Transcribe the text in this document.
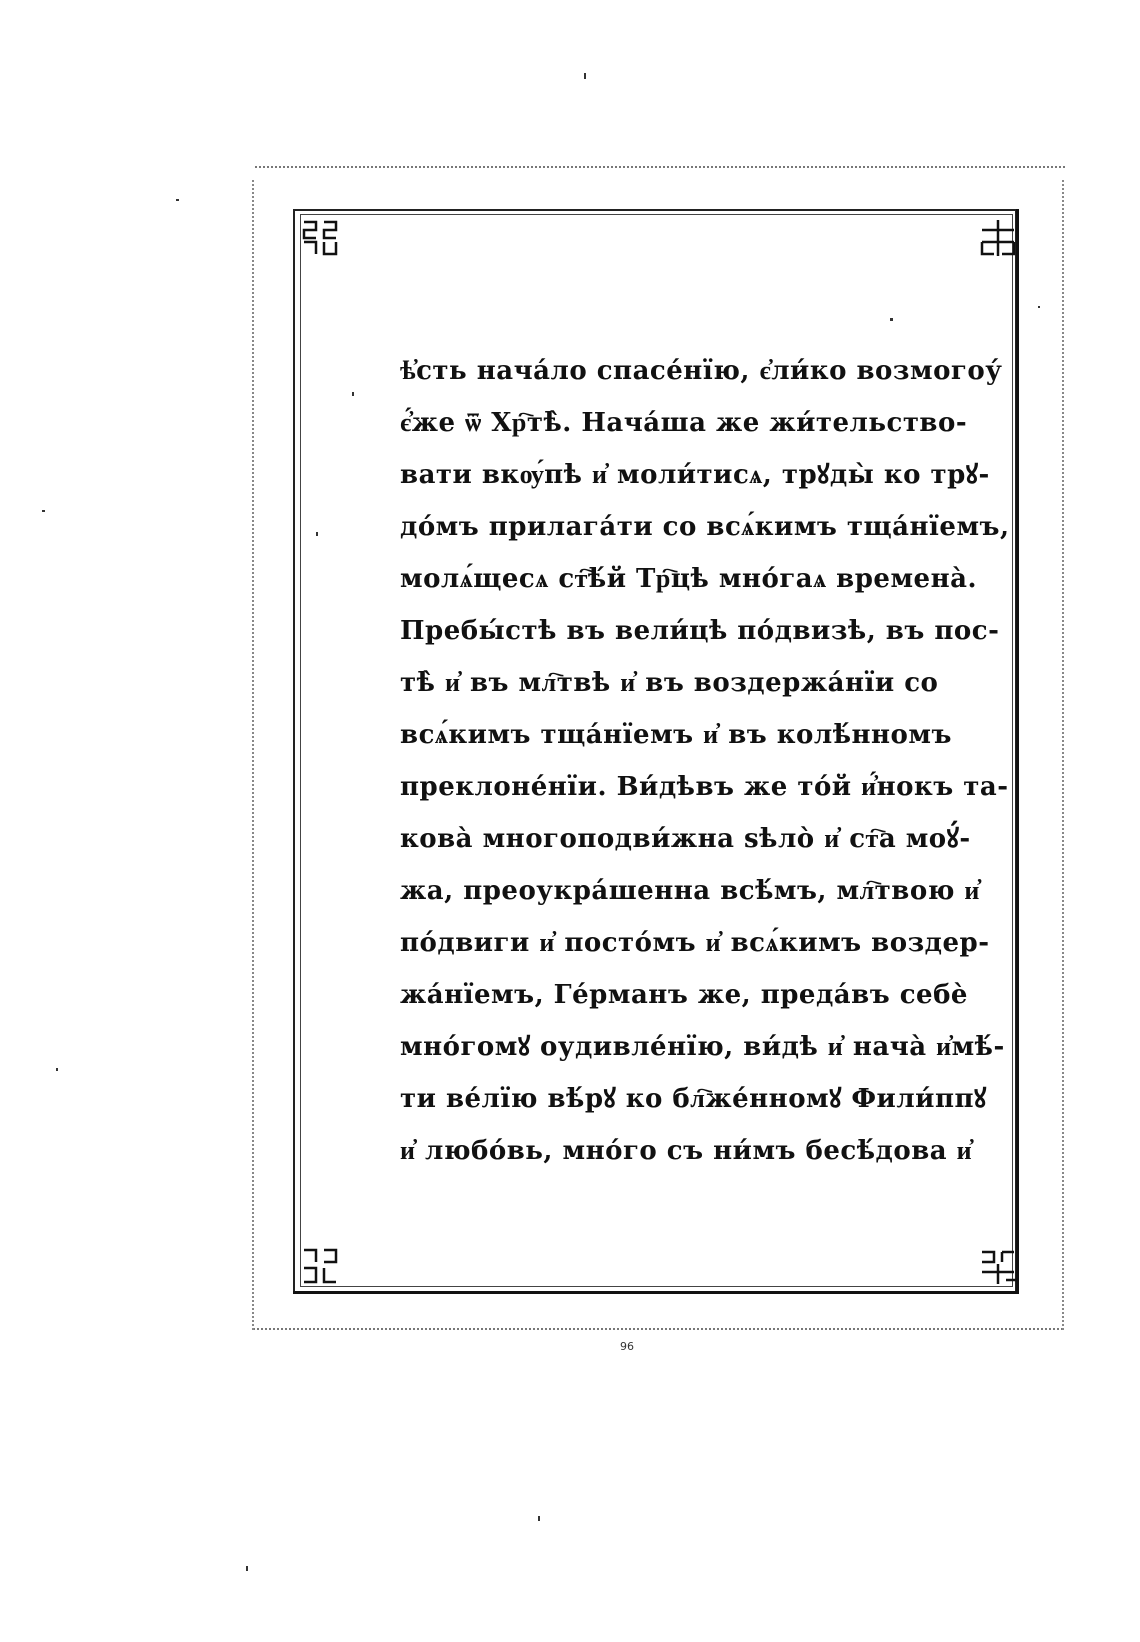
ѣ҆сть нача́ло спасе́нїю, є҆ли́ко возмогоу́
є҆́же ѿ Хр҇тѣ̀. Нача́ша же жи́тельство-
вати вкѹ́пѣ и҆ моли́тисѧ, трꙋды̀ ко трꙋ-
до́мъ прилага́ти со всѧ́кимъ тща́нїемъ,
молѧ́щесѧ ст҇ѣ́й Тр҇цѣ мно́гаѧ времена̀.
Пребы́стѣ въ вели́цѣ по́двизѣ, въ пос-
тѣ̀ и҆ въ мл҇твѣ и҆ въ воздержа́нїи со
всѧ́кимъ тща́нїемъ и҆ въ колѣ́нномъ
преклоне́нїи. Ви́дѣвъ же то́й и҆́нокъ та-
кова̀ многоподви́жна ѕѣло̀ и҆ ст҇а моꙋ́-
жа, преоукра́шенна всѣ́мъ, мл҇твою и҆
по́двиги и҆ посто́мъ и҆ всѧ́кимъ воздер-
жа́нїемъ, Ге́рманъ же, преда́въ себѐ
мно́гомꙋ оудивле́нїю, ви́дѣ и҆ нача̀ и҆мѣ́-
ти ве́лїю вѣ́рꙋ ко бл҇же́нномꙋ Фили́ппꙋ
и҆ любо́вь, мно́го съ ни́мъ бесѣ́дова и҆
96
